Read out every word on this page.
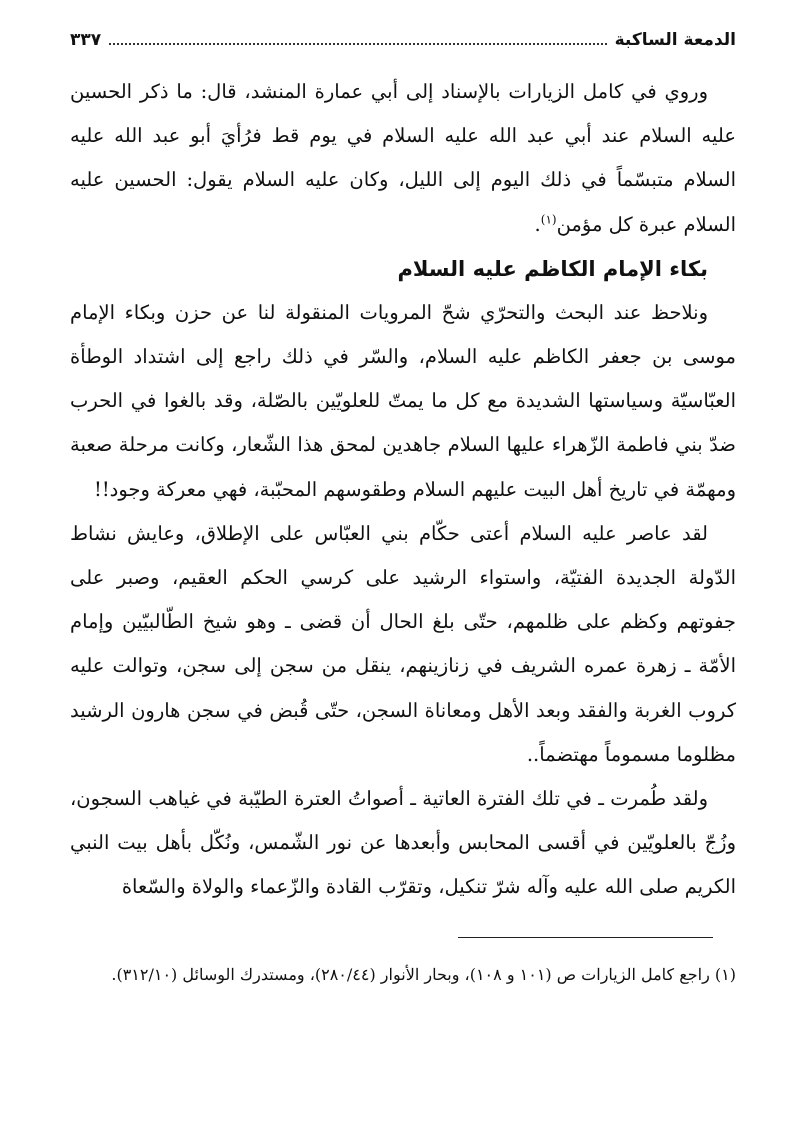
الدمعة الساكبة
٣٣٧

وروي في كامل الزيارات بالإسناد إلى أبي عمارة المنشد، قال: ما ذكر الحسين عليه السلام عند أبي عبد الله عليه السلام في يوم قط فرُأيَ أبو عبد الله عليه السلام متبسّماً في ذلك اليوم إلى الليل، وكان عليه السلام يقول: الحسين عليه السلام عبرة كل مؤمن$^{(١)}$.

بكاء الإمام الكاظم عليه السلام

ونلاحظ عند البحث والتحرّي شحّ المرويات المنقولة لنا عن حزن وبكاء الإمام موسى بن جعفر الكاظم عليه السلام، والسّر في ذلك راجع إلى اشتداد الوطأة العبّاسيّة وسياستها الشديدة مع كل ما يمتّ للعلويّين بالصّلة، وقد بالغوا في الحرب ضدّ بني فاطمة الزّهراء عليها السلام جاهدين لمحق هذا الشّعار، وكانت مرحلة صعبة ومهمّة في تاريخ أهل البيت عليهم السلام وطقوسهم المحبّبة، فهي معركة وجود!!

لقد عاصر عليه السلام أعتى حكّام بني العبّاس على الإطلاق، وعايش نشاط الدّولة الجديدة الفتيّة، واستواء الرشيد على كرسي الحكم العقيم، وصبر على جفوتهم وكظم على ظلمهم، حتّى بلغ الحال أن قضى ـ وهو شيخ الطّالبيّين وإمام الأمّة ـ زهرة عمره الشريف في زنازينهم، ينقل من سجن إلى سجن، وتوالت عليه كروب الغربة والفقد وبعد الأهل ومعاناة السجن، حتّى قُبض في سجن هارون الرشيد مظلوما مسموماً مهتضماً..

ولقد طُمرت ـ في تلك الفترة العاتية ـ أصواتُ العترة الطيّبة في غياهب السجون، وزُجّ بالعلويّين في أقسى المحابس وأبعدها عن نور الشّمس، ونُكّل بأهل بيت النبي الكريم صلى الله عليه وآله شرّ تنكيل، وتقرّب القادة والزّعماء والولاة والسّعاة

(١) راجع كامل الزيارات ص (١٠١ و ١٠٨)، وبحار الأنوار (٢٨٠/٤٤)، ومستدرك الوسائل (٣١٢/١٠).
